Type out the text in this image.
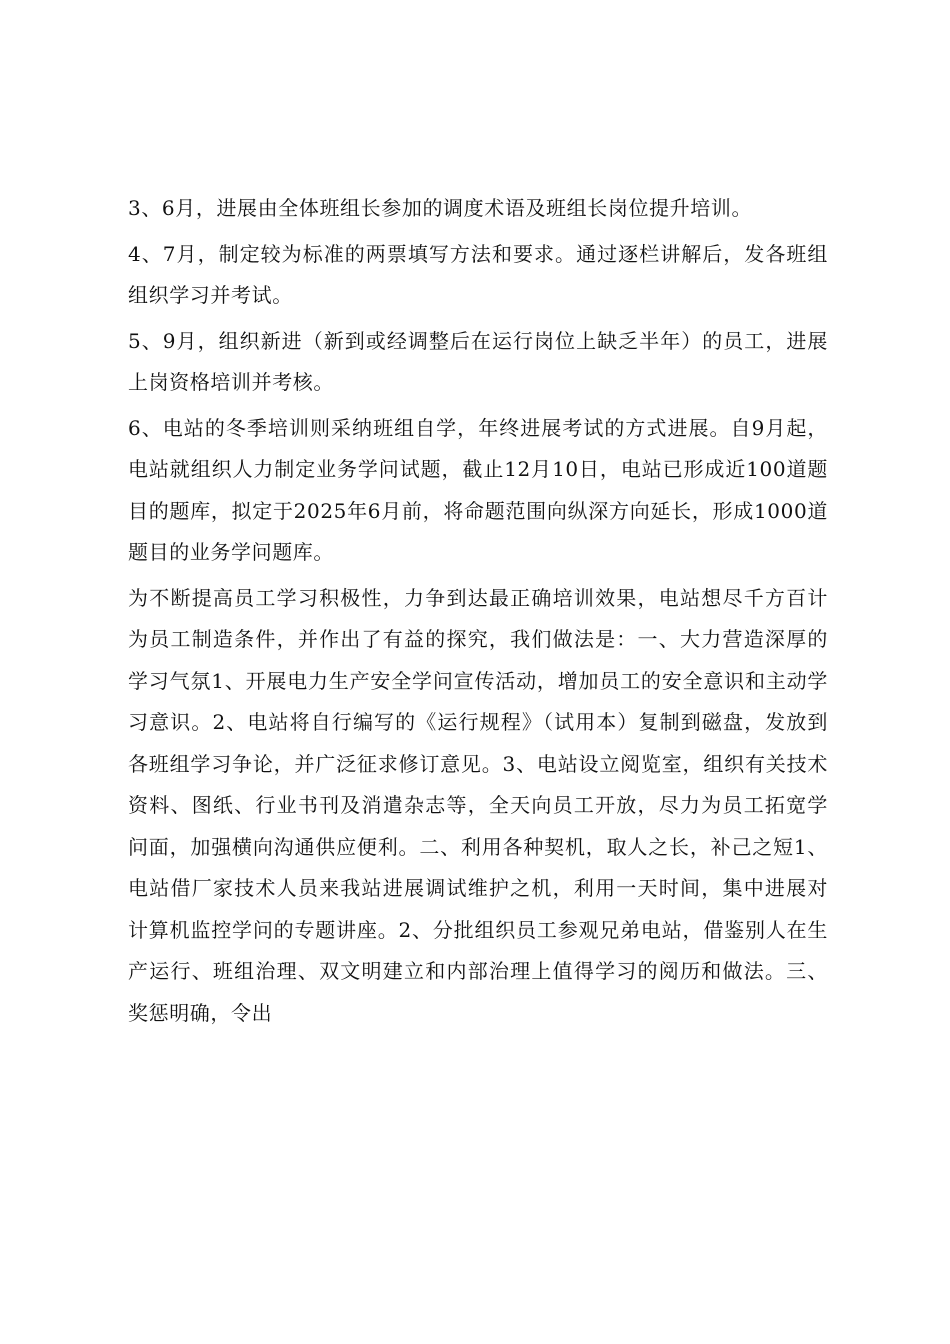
3、6月，进展由全体班组长参加的调度术语及班组长岗位提升培训。

4、7月，制定较为标准的两票填写方法和要求。通过逐栏讲解后，发各班组组织学习并考试。

5、9月，组织新进（新到或经调整后在运行岗位上缺乏半年）的员工，进展上岗资格培训并考核。

6、电站的冬季培训则采纳班组自学，年终进展考试的方式进展。自9月起，电站就组织人力制定业务学问试题，截止12月10日，电站已形成近100道题目的题库，拟定于2025年6月前，将命题范围向纵深方向延长，形成1000道题目的业务学问题库。

为不断提高员工学习积极性，力争到达最正确培训效果，电站想尽千方百计为员工制造条件，并作出了有益的探究，我们做法是：一、大力营造深厚的学习气氛1、开展电力生产安全学问宣传活动，增加员工的安全意识和主动学习意识。2、电站将自行编写的《运行规程》（试用本）复制到磁盘，发放到各班组学习争论，并广泛征求修订意见。3、电站设立阅览室，组织有关技术资料、图纸、行业书刊及消遣杂志等，全天向员工开放，尽力为员工拓宽学问面，加强横向沟通供应便利。二、利用各种契机，取人之长，补己之短1、电站借厂家技术人员来我站进展调试维护之机，利用一天时间，集中进展对计算机监控学问的专题讲座。2、分批组织员工参观兄弟电站，借鉴别人在生产运行、班组治理、双文明建立和内部治理上值得学习的阅历和做法。三、奖惩明确，令出
